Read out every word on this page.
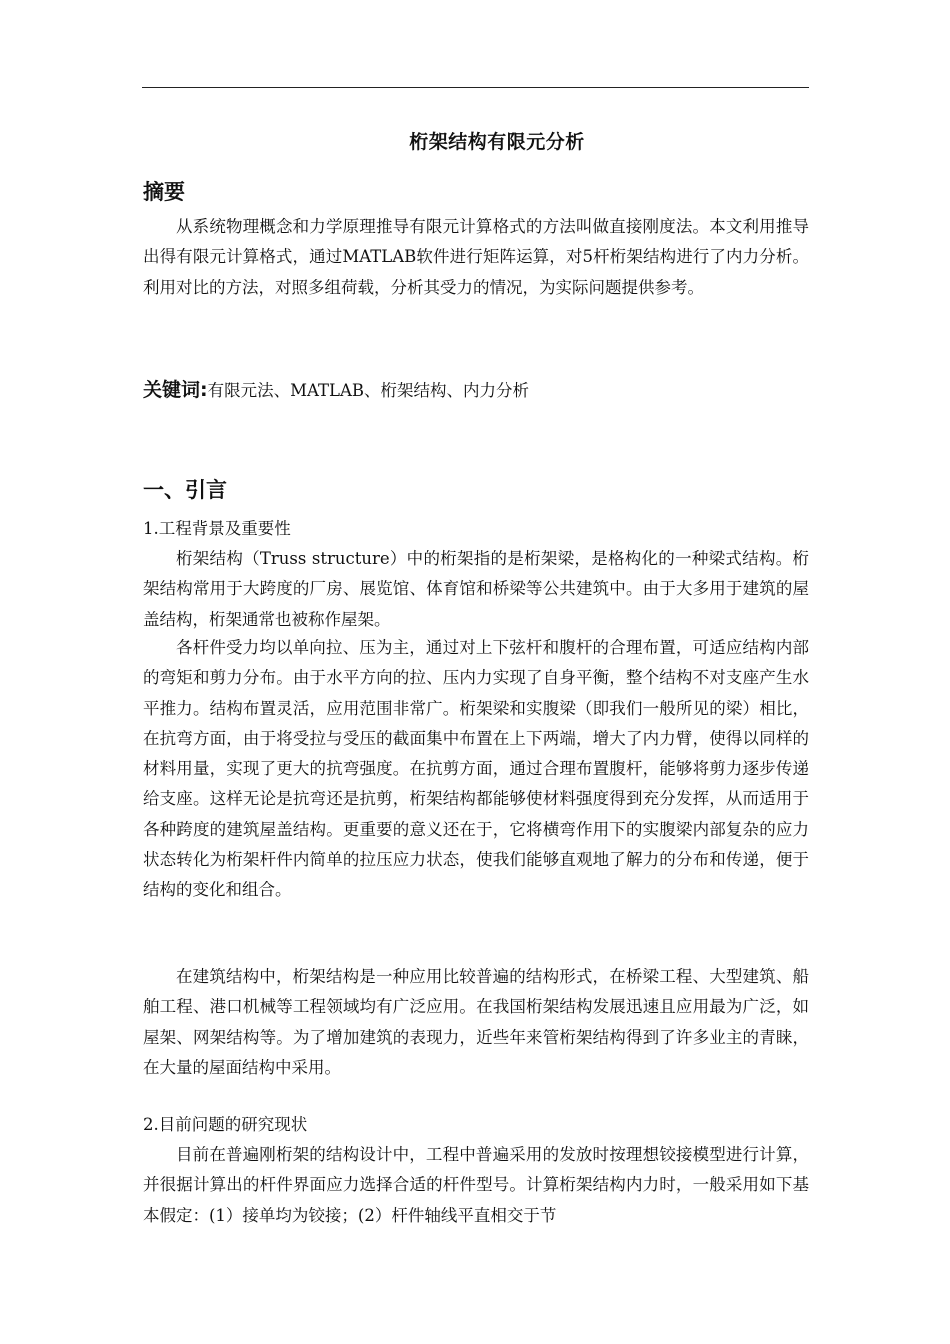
桁架结构有限元分析
摘要
从系统物理概念和力学原理推导有限元计算格式的方法叫做直接刚度法。本文利用推导出得有限元计算格式，通过MATLAB软件进行矩阵运算，对5杆桁架结构进行了内力分析。利用对比的方法，对照多组荷载，分析其受力的情况，为实际问题提供参考。
关键词:有限元法、MATLAB、桁架结构、内力分析
一、引言
1.工程背景及重要性
桁架结构（Truss structure）中的桁架指的是桁架梁，是格构化的一种梁式结构。桁架结构常用于大跨度的厂房、展览馆、体育馆和桥梁等公共建筑中。由于大多用于建筑的屋盖结构，桁架通常也被称作屋架。
各杆件受力均以单向拉、压为主，通过对上下弦杆和腹杆的合理布置，可适应结构内部的弯矩和剪力分布。由于水平方向的拉、压内力实现了自身平衡，整个结构不对支座产生水平推力。结构布置灵活，应用范围非常广。桁架梁和实腹梁（即我们一般所见的梁）相比，在抗弯方面，由于将受拉与受压的截面集中布置在上下两端，增大了内力臂，使得以同样的材料用量，实现了更大的抗弯强度。在抗剪方面，通过合理布置腹杆，能够将剪力逐步传递给支座。这样无论是抗弯还是抗剪，桁架结构都能够使材料强度得到充分发挥，从而适用于各种跨度的建筑屋盖结构。更重要的意义还在于，它将横弯作用下的实腹梁内部复杂的应力状态转化为桁架杆件内简单的拉压应力状态，使我们能够直观地了解力的分布和传递，便于结构的变化和组合。
在建筑结构中，桁架结构是一种应用比较普遍的结构形式，在桥梁工程、大型建筑、船舶工程、港口机械等工程领域均有广泛应用。在我国桁架结构发展迅速且应用最为广泛，如屋架、网架结构等。为了增加建筑的表现力，近些年来管桁架结构得到了许多业主的青睐，在大量的屋面结构中采用。
2.目前问题的研究现状
目前在普遍刚桁架的结构设计中，工程中普遍采用的发放时按理想铰接模型进行计算，并很据计算出的杆件界面应力选择合适的杆件型号。计算桁架结构内力时，一般采用如下基本假定：(1）接单均为铰接；(2）杆件轴线平直相交于节
